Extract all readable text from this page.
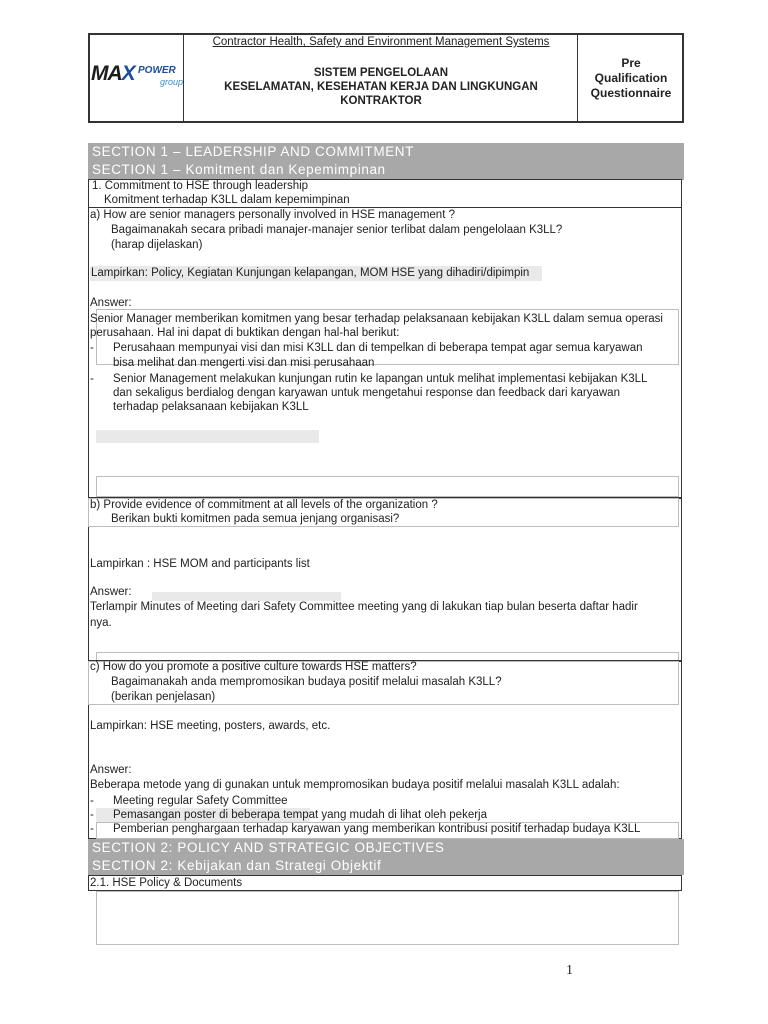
MAX POWER
group
Contractor Health, Safety and Environment Management Systems
SISTEM PENGELOLAAN
KESELAMATAN, KESEHATAN KERJA DAN LINGKUNGAN
KONTRAKTOR
Pre
Qualification
Questionnaire
SECTION 1 – LEADERSHIP AND COMMITMENT
SECTION 1 – Komitment dan Kepemimpinan
1. Commitment to HSE through leadership
Komitment terhadap K3LL dalam kepemimpinan
a) How are senior managers personally involved in HSE management ?
Bagaimanakah secara pribadi manajer-manajer senior terlibat dalam pengelolaan K3LL?
(harap dijelaskan)
Lampirkan: Policy, Kegiatan Kunjungan kelapangan, MOM HSE yang dihadiri/dipimpin
Answer:
Senior Manager memberikan komitmen yang besar terhadap pelaksanaan kebijakan K3LL dalam semua operasi
perusahaan. Hal ini dapat di buktikan dengan hal-hal berikut:
- Perusahaan mempunyai visi dan misi K3LL dan di tempelkan di beberapa tempat agar semua karyawan
bisa melihat dan mengerti visi dan misi perusahaan
- Senior Management melakukan kunjungan rutin ke lapangan untuk melihat implementasi kebijakan K3LL
dan sekaligus berdialog dengan karyawan untuk mengetahui response dan feedback dari karyawan
terhadap pelaksanaan kebijakan K3LL
b) Provide evidence of commitment at all levels of the organization ?
Berikan bukti komitmen pada semua jenjang organisasi?
Lampirkan : HSE MOM and participants list
Answer:
Terlampir Minutes of Meeting dari Safety Committee meeting yang di lakukan tiap bulan beserta daftar hadir
nya.
c) How do you promote a positive culture towards HSE matters?
Bagaimanakah anda mempromosikan budaya positif melalui masalah K3LL?
(berikan penjelasan)
Lampirkan: HSE meeting, posters, awards, etc.
Answer:
Beberapa metode yang di gunakan untuk mempromosikan budaya positif melalui masalah K3LL adalah:
- Meeting regular Safety Committee
- Pemasangan poster di beberapa tempat yang mudah di lihat oleh pekerja
- Pemberian penghargaan terhadap karyawan yang memberikan kontribusi positif terhadap budaya K3LL
SECTION 2: POLICY AND STRATEGIC OBJECTIVES
SECTION 2: Kebijakan dan Strategi Objektif
2.1. HSE Policy & Documents
1
